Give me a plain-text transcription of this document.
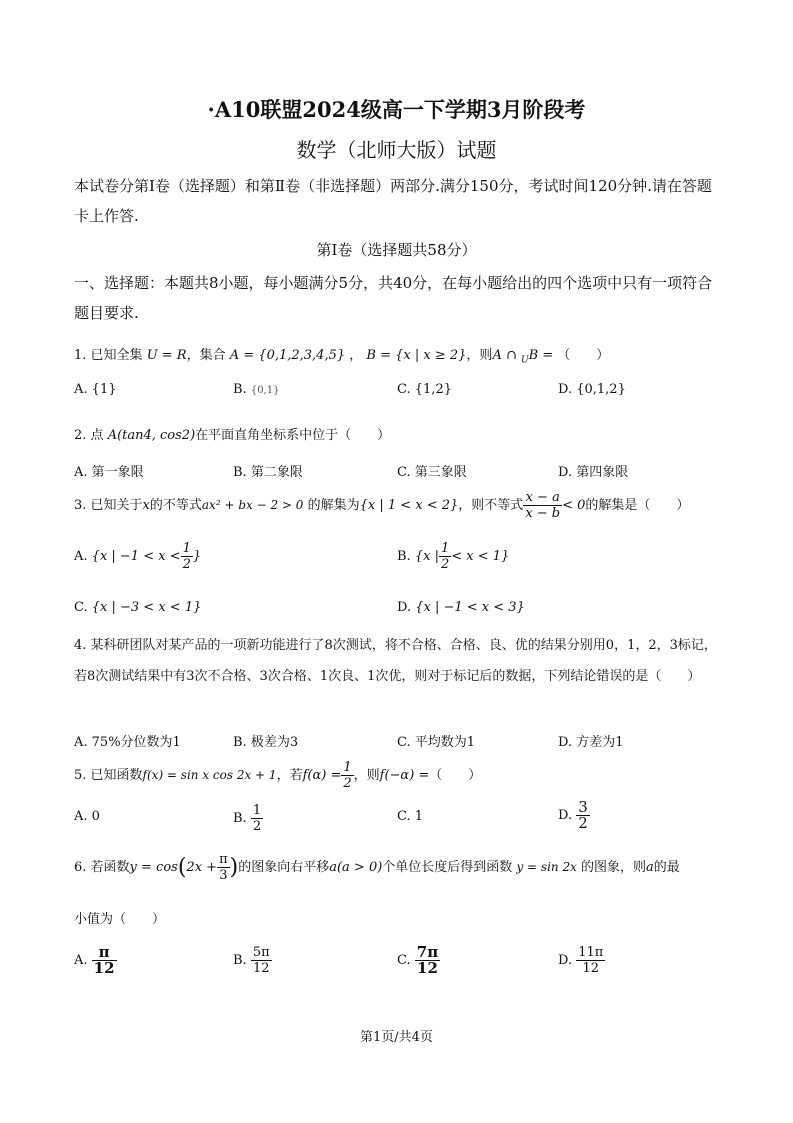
·A10联盟2024级高一下学期3月阶段考
数学（北师大版）试题
本试卷分第Ⅰ卷（选择题）和第Ⅱ卷（非选择题）两部分.满分150分，考试时间120分钟.请在答题卡上作答.
第Ⅰ卷（选择题共58分）
一、选择题：本题共8小题，每小题满分5分，共40分，在每小题给出的四个选项中只有一项符合题目要求.
1. 已知全集 U = R，集合 A = {0,1,2,3,4,5} ， B = {x | x ≥ 2}，则A ∩ $_U$B = （　　）
A. {1}	B. {0,1}	C. {1,2}	D. {0,1,2}
2. 点 A(tan4, cos2)在平面直角坐标系中位于（　　）
A. 第一象限	B. 第二象限	C. 第三象限	D. 第四象限
3. 已知关于x的不等式ax² + bx − 2 > 0 的解集为{x | 1 < x < 2}，则不等式 $\frac{x - a}{x - b} < 0$的解集是（　　）
A. {x | $-1 < x < \frac{1}{2}$ }	B. {x | $\frac{1}{2} < x < 1$}
C. {x | −3 < x < 1}	D. {x | −1 < x < 3}
4. 某科研团队对某产品的一项新功能进行了8次测试，将不合格、合格、良、优的结果分别用0，1，2，3标记，若8次测试结果中有3次不合格、3次合格、1次良、1次优，则对于标记后的数据，下列结论错误的是（　　）
A. 75%分位数为1	B. 极差为3	C. 平均数为1	D. 方差为1
5. 已知函数f(x) = sin x cos 2x + 1，若$f(\alpha) = \frac{1}{2}$ ，则f(−α) =（　　）
A. 0	B. $\frac{1}{2}$	C. 1	D. $\frac{3}{2}$
6. 若函数$y = \cos(2x + \frac{\pi}{3}$ )的图象向右平移a(a > 0)个单位长度后得到函数 y = sin 2x 的图象，则a的最
小值为（　　）
A. $\frac{\pi}{12}$	B. $\frac{5\pi}{12}$	C. $\frac{7\pi}{12}$	D. $\frac{11\pi}{12}$
第1页/共4页
